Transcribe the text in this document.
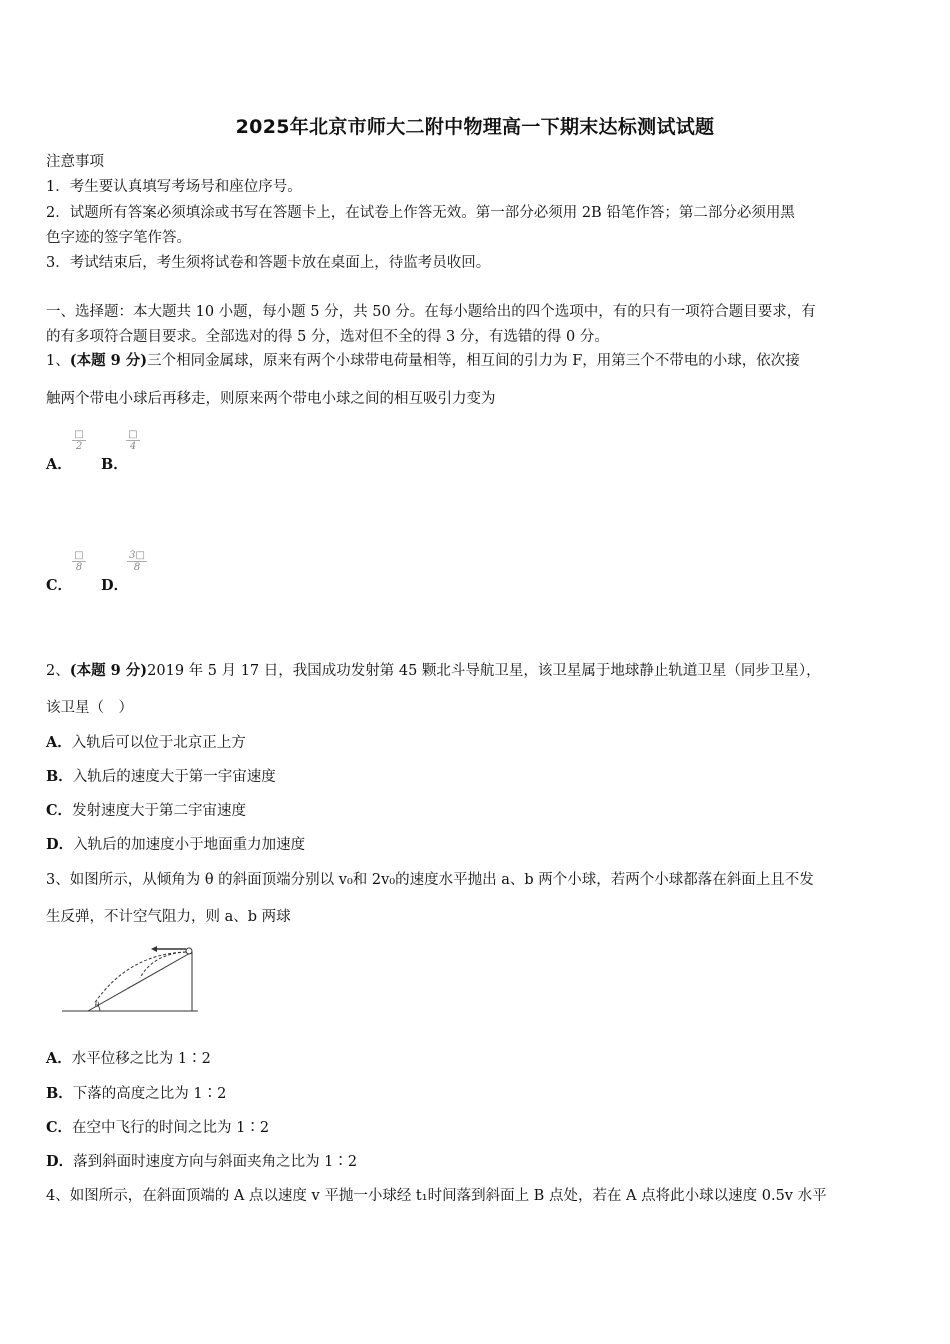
2025年北京市师大二附中物理高一下期末达标测试试题
注意事项
1．考生要认真填写考场号和座位序号。
2．试题所有答案必须填涂或书写在答题卡上，在试卷上作答无效。第一部分必须用 2B 铅笔作答；第二部分必须用黑
色字迹的签字笔作答。
3．考试结束后，考生须将试卷和答题卡放在桌面上，待监考员收回。
一、选择题：本大题共 10 小题，每小题 5 分，共 50 分。在每小题给出的四个选项中，有的只有一项符合题目要求，有
的有多项符合题目要求。全部选对的得 5 分，选对但不全的得 3 分，有选错的得 0 分。
1、(本题 9 分)三个相同金属球，原来有两个小球带电荷量相等，相互间的引力为 F，用第三个不带电的小球，依次接
触两个带电小球后再移走，则原来两个带电小球之间的相互吸引力变为
A．
□
2
B．
□
4
C．
□
8
D．
$\frac{3□}{8}$
2、(本题 9 分)2019 年 5 月 17 日，我国成功发射第 45 颗北斗导航卫星，该卫星属于地球静止轨道卫星（同步卫星），
该卫星（　）
A．入轨后可以位于北京正上方
B．入轨后的速度大于第一宇宙速度
C．发射速度大于第二宇宙速度
D．入轨后的加速度小于地面重力加速度
3、如图所示，从倾角为 θ 的斜面顶端分别以 v₀和 2v₀的速度水平抛出 a、b 两个小球，若两个小球都落在斜面上且不发
生反弹，不计空气阻力，则 a、b 两球
θ
A．水平位移之比为 1∶2
B．下落的高度之比为 1∶2
C．在空中飞行的时间之比为 1∶2
D．落到斜面时速度方向与斜面夹角之比为 1∶2
4、如图所示，在斜面顶端的 A 点以速度 v 平抛一小球经 t₁时间落到斜面上 B 点处，若在 A 点将此小球以速度 0.5v 水平
